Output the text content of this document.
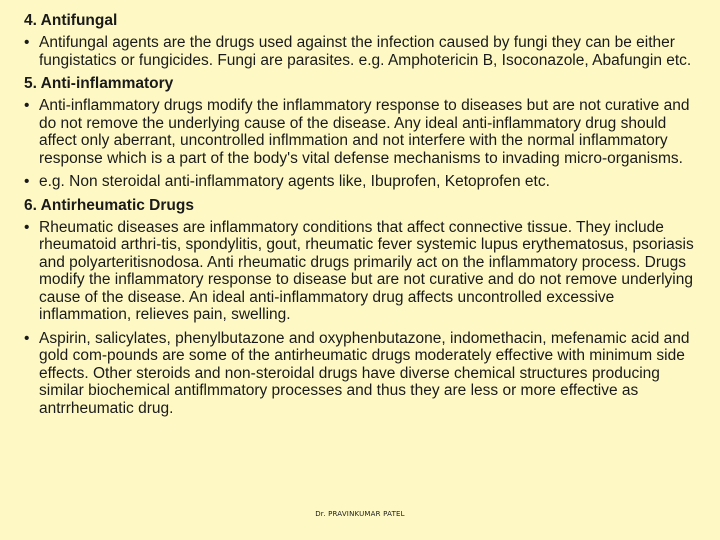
4. Antifungal
• Antifungal agents are the drugs used against the infection caused by fungi they can be either fungistatics or fungicides. Fungi are parasites. e.g. Amphotericin B, Isoconazole, Abafungin etc.
5. Anti-inflammatory
• Anti-inflammatory drugs modify the inflammatory response to diseases but are not curative and do not remove the underlying cause of the disease. Any ideal anti-inflammatory drug should affect only aberrant, uncontrolled inflmmation and not interfere with the normal inflammatory response which is a part of the body's vital defense mechanisms to invading micro-organisms.
• e.g. Non steroidal anti-inflammatory agents like, Ibuprofen, Ketoprofen etc.
6. Antirheumatic Drugs
• Rheumatic diseases are inflammatory conditions that affect connective tissue. They include rheumatoid arthri-tis, spondylitis, gout, rheumatic fever systemic lupus erythematosus, psoriasis and polyarteritisnodosa. Anti rheumatic drugs primarily act on the inflammatory process. Drugs modify the inflammatory response to disease but are not curative and do not remove underlying cause of the disease. An ideal anti-inflammatory drug affects uncontrolled excessive inflammation, relieves pain, swelling.
• Aspirin, salicylates, phenylbutazone and oxyphenbutazone, indomethacin, mefenamic acid and gold com-pounds are some of the antirheumatic drugs moderately effective with minimum side effects. Other steroids and non-steroidal drugs have diverse chemical structures producing similar biochemical antiflmmatory processes and thus they are less or more effective as antrrheumatic drug.
Dr. PRAVINKUMAR PATEL
